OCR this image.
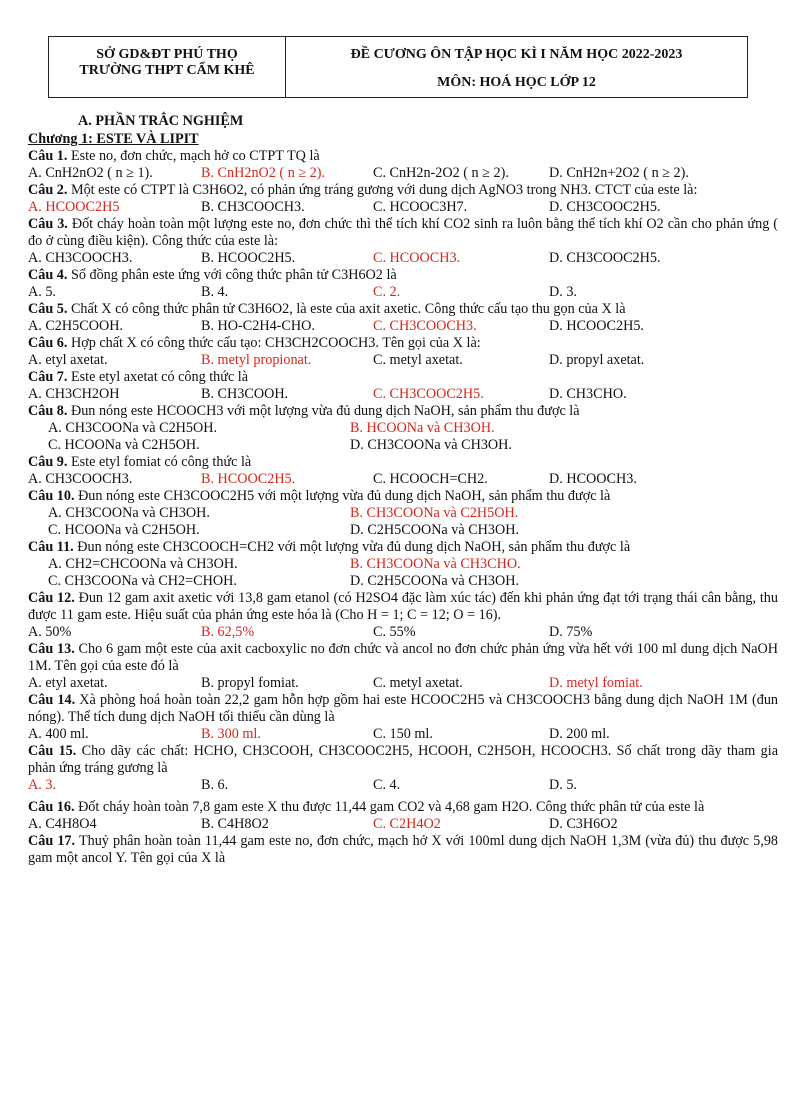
SỞ GD&ĐT PHÚ THỌ
TRƯỜNG THPT CẨM KHÊ
ĐỀ CƯƠNG ÔN TẬP HỌC KÌ I NĂM HỌC 2022-2023
MÔN: HOÁ HỌC LỚP 12
A. PHẦN TRẮC NGHIỆM
Chương 1: ESTE VÀ LIPIT
Câu 1. Este no, đơn chức, mạch hở co CTPT TQ là
A. CnH2nO2 ( n ≥ 1).	B. CnH2nO2 ( n ≥ 2).	C. CnH2n-2O2 ( n ≥ 2).	D. CnH2n+2O2 ( n ≥ 2).
Câu 2. Một este có CTPT là C3H6O2, có phản ứng tráng gương với dung dịch AgNO3 trong NH3. CTCT của este là:
A. HCOOC2H5	B. CH3COOCH3.	C. HCOOC3H7.	D. CH3COOC2H5.
Câu 3. Đốt cháy hoàn toàn một lượng este no, đơn chức thì thể tích khí CO2 sinh ra luôn bằng thể tích khí O2 cần cho phản ứng ( đo ở cùng điều kiện). Công thức của este là:
A. CH3COOCH3.	B. HCOOC2H5.	C. HCOOCH3.	D. CH3COOC2H5.
Câu 4. Số đồng phân este ứng với công thức phân tử C3H6O2 là
A. 5.	B. 4.	C. 2.	D. 3.
Câu 5. Chất X có công thức phân tử C3H6O2, là este của axit axetic. Công thức cấu tạo thu gọn của X là
A. C2H5COOH.	B. HO-C2H4-CHO.	C. CH3COOCH3.	D. HCOOC2H5.
Câu 6. Hợp chất X có công thức cấu tạo: CH3CH2COOCH3. Tên gọi của X là:
A. etyl axetat.	B. metyl propionat.	C. metyl axetat.	D. propyl axetat.
Câu 7. Este etyl axetat có công thức là
A. CH3CH2OH	B. CH3COOH.	C. CH3COOC2H5.	D. CH3CHO.
Câu 8. Đun nóng este HCOOCH3 với một lượng vừa đủ dung dịch NaOH, sản phẩm thu được là
A. CH3COONa và C2H5OH.	B. HCOONa và CH3OH.
C. HCOONa và C2H5OH.	D. CH3COONa và CH3OH.
Câu 9. Este etyl fomiat có công thức là
A. CH3COOCH3.	B. HCOOC2H5.	C. HCOOCH=CH2.	D. HCOOCH3.
Câu 10. Đun nóng este CH3COOC2H5 với một lượng vừa đủ dung dịch NaOH, sản phẩm thu được là
A. CH3COONa và CH3OH.	B. CH3COONa và C2H5OH.
C. HCOONa và C2H5OH.	D. C2H5COONa và CH3OH.
Câu 11. Đun nóng este CH3COOCH=CH2 với một lượng vừa đủ dung dịch NaOH, sản phẩm thu được là
A. CH2=CHCOONa và CH3OH.	B. CH3COONa và CH3CHO.
C. CH3COONa và CH2=CHOH.	D. C2H5COONa và CH3OH.
Câu 12. Đun 12 gam axit axetic với 13,8 gam etanol (có H2SO4 đặc làm xúc tác) đến khi phản ứng đạt tới trạng thái cân bằng, thu được 11 gam este. Hiệu suất của phản ứng este hóa là (Cho H = 1; C = 12; O = 16).
A. 50%	B. 62,5%	C. 55%	D. 75%
Câu 13. Cho 6 gam một este của axit cacboxylic no đơn chức và ancol no đơn chức phản ứng vừa hết với 100 ml dung dịch NaOH 1M. Tên gọi của este đó là
A. etyl axetat.	B. propyl fomiat.	C. metyl axetat.	D. metyl fomiat.
Câu 14. Xà phòng hoá hoàn toàn 22,2 gam hỗn hợp gồm hai este HCOOC2H5 và CH3COOCH3 bằng dung dịch NaOH 1M (đun nóng). Thể tích dung dịch NaOH tối thiểu cần dùng là
A. 400 ml.	B. 300 ml.	C. 150 ml.	D. 200 ml.
Câu 15. Cho dãy các chất: HCHO, CH3COOH, CH3COOC2H5, HCOOH, C2H5OH, HCOOCH3. Số chất trong dãy tham gia phản ứng tráng gương là
A. 3.	B. 6.	C. 4.	D. 5.
Câu 16. Đốt cháy hoàn toàn 7,8 gam este X thu được 11,44 gam CO2 và 4,68 gam H2O. Công thức phân tử của este là
A. C4H8O4	B. C4H8O2	C. C2H4O2	D. C3H6O2
Câu 17. Thuỷ phân hoàn toàn 11,44 gam este no, đơn chức, mạch hở X với 100ml dung dịch NaOH 1,3M (vừa đủ) thu được 5,98 gam một ancol Y. Tên gọi của X là
